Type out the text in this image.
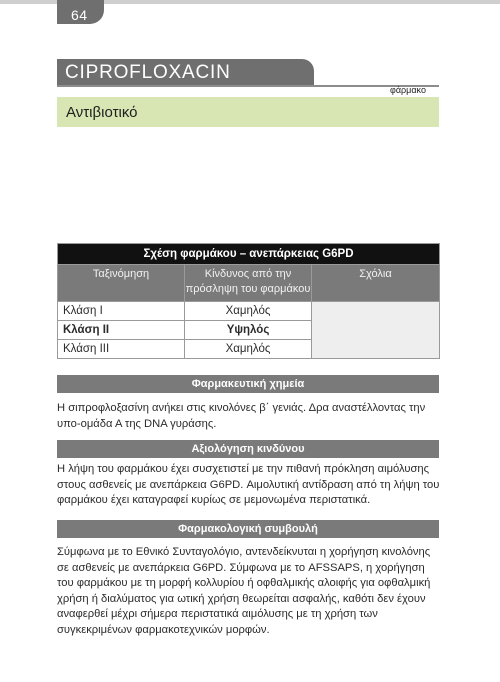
64
CIPROFLOXACIN
φάρμακο
Αντιβιοτικό
Σχέση φαρμάκου – ανεπάρκειας G6PD		
Ταξινόμηση	Κίνδυνος από την πρόσληψη του φαρμάκου	Σχόλια
Κλάση I	Χαμηλός	
Κλάση II	Υψηλός	
Κλάση III	Χαμηλός	
Φαρμακευτική χημεία

Η σιπροφλοξασίνη ανήκει στις κινολόνες β΄ γενιάς. Δρα αναστέλλοντας την υπο-ομάδα Α της DNA γυράσης.

Αξιολόγηση κινδύνου

Η λήψη του φαρμάκου έχει συσχετιστεί με την πιθανή πρόκληση αιμόλυσης στους ασθενείς με ανεπάρκεια G6PD. Αιμολυτική αντίδραση από τη λήψη του φαρμάκου έχει καταγραφεί κυρίως σε μεμονωμένα περιστατικά.

Φαρμακολογική συμβουλή

Σύμφωνα με το Εθνικό Συνταγολόγιο, αντενδείκνυται η χορήγηση κινολόνης σε ασθενείς με ανεπάρκεια G6PD. Σύμφωνα με το AFSSAPS, η χορήγηση του φαρμάκου με τη μορφή κολλυρίου ή οφθαλμικής αλοιφής για οφθαλμική χρήση ή διαλύματος για ωτική χρήση θεωρείται ασφαλής, καθότι δεν έχουν αναφερθεί μέχρι σήμερα περιστατικά αιμόλυσης με τη χρήση των συγκεκριμένων φαρμακοτεχνικών μορφών.
